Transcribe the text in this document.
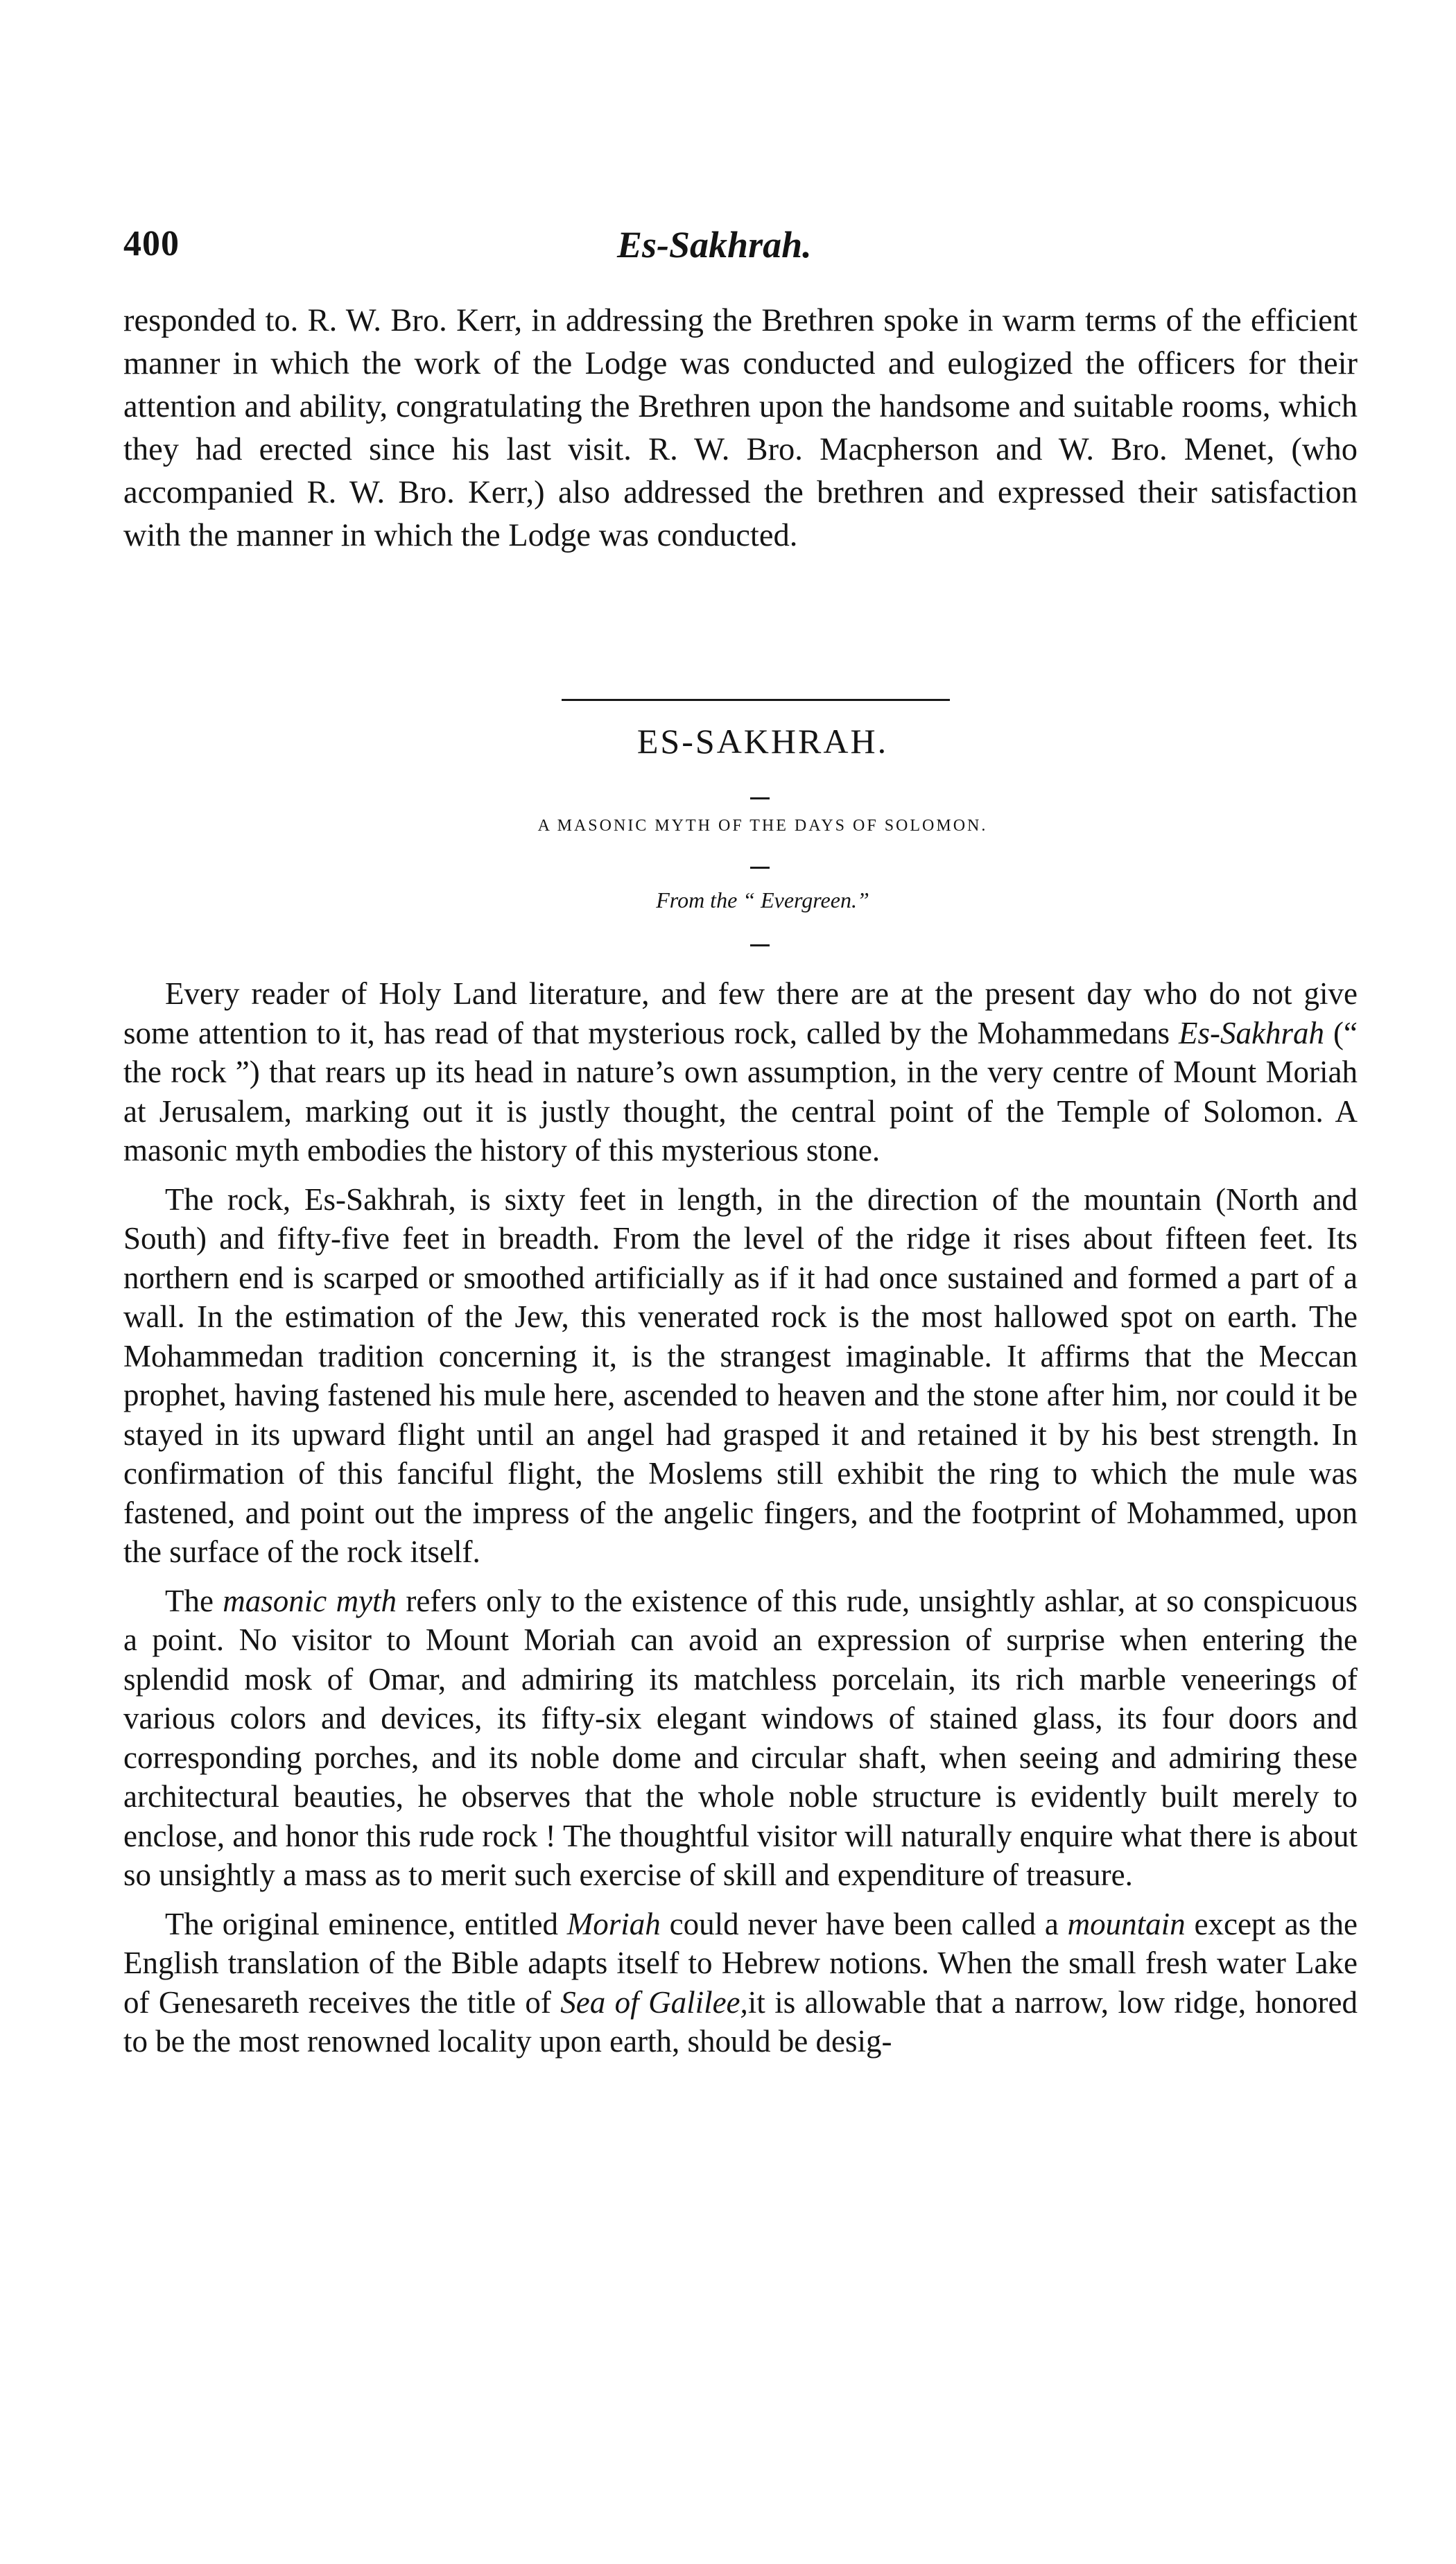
400	Es-Sakhrah.

responded to. R. W. Bro. Kerr, in addressing the Brethren spoke in warm terms of the efficient manner in which the work of the Lodge was conducted and eulogized the officers for their attention and ability, congratulating the Brethren upon the handsome and suitable rooms, which they had erected since his last visit. R. W. Bro. Macpherson and W. Bro. Menet, (who accompanied R. W. Bro. Kerr,) also addressed the brethren and expressed their satisfaction with the manner in which the Lodge was conducted.

ES-SAKHRAH.
A MASONIC MYTH OF THE DAYS OF SOLOMON.
From the “ Evergreen.”

Every reader of Holy Land literature, and few there are at the present day who do not give some attention to it, has read of that mysterious rock, called by the Mohammedans Es-Sakhrah (“ the rock ”) that rears up its head in nature’s own assumption, in the very centre of Mount Moriah at Jerusalem, marking out it is justly thought, the central point of the Temple of Solomon. A masonic myth embodies the history of this mysterious stone.

The rock, Es-Sakhrah, is sixty feet in length, in the direction of the mountain (North and South) and fifty-five feet in breadth. From the level of the ridge it rises about fifteen feet. Its northern end is scarped or smoothed artificially as if it had once sustained and formed a part of a wall. In the estimation of the Jew, this venerated rock is the most hallowed spot on earth. The Mohammedan tradition concerning it, is the strangest imaginable. It affirms that the Meccan prophet, having fastened his mule here, ascended to heaven and the stone after him, nor could it be stayed in its upward flight until an angel had grasped it and retained it by his best strength. In confirmation of this fanciful flight, the Moslems still exhibit the ring to which the mule was fastened, and point out the impress of the angelic fingers, and the footprint of Mohammed, upon the surface of the rock itself.

The masonic myth refers only to the existence of this rude, unsightly ashlar, at so conspicuous a point. No visitor to Mount Moriah can avoid an expression of surprise when entering the splendid mosk of Omar, and admiring its matchless porcelain, its rich marble veneerings of various colors and devices, its fifty-six elegant windows of stained glass, its four doors and corresponding porches, and its noble dome and circular shaft, when seeing and admiring these architectural beauties, he observes that the whole noble structure is evidently built merely to enclose, and honor this rude rock ! The thoughtful visitor will naturally enquire what there is about so unsightly a mass as to merit such exercise of skill and expenditure of treasure.

The original eminence, entitled Moriah could never have been called a mountain except as the English translation of the Bible adapts itself to Hebrew notions. When the small fresh water Lake of Genesareth receives the title of Sea of Galilee,it is allowable that a narrow, low ridge, honored to be the most renowned locality upon earth, should be desig-
